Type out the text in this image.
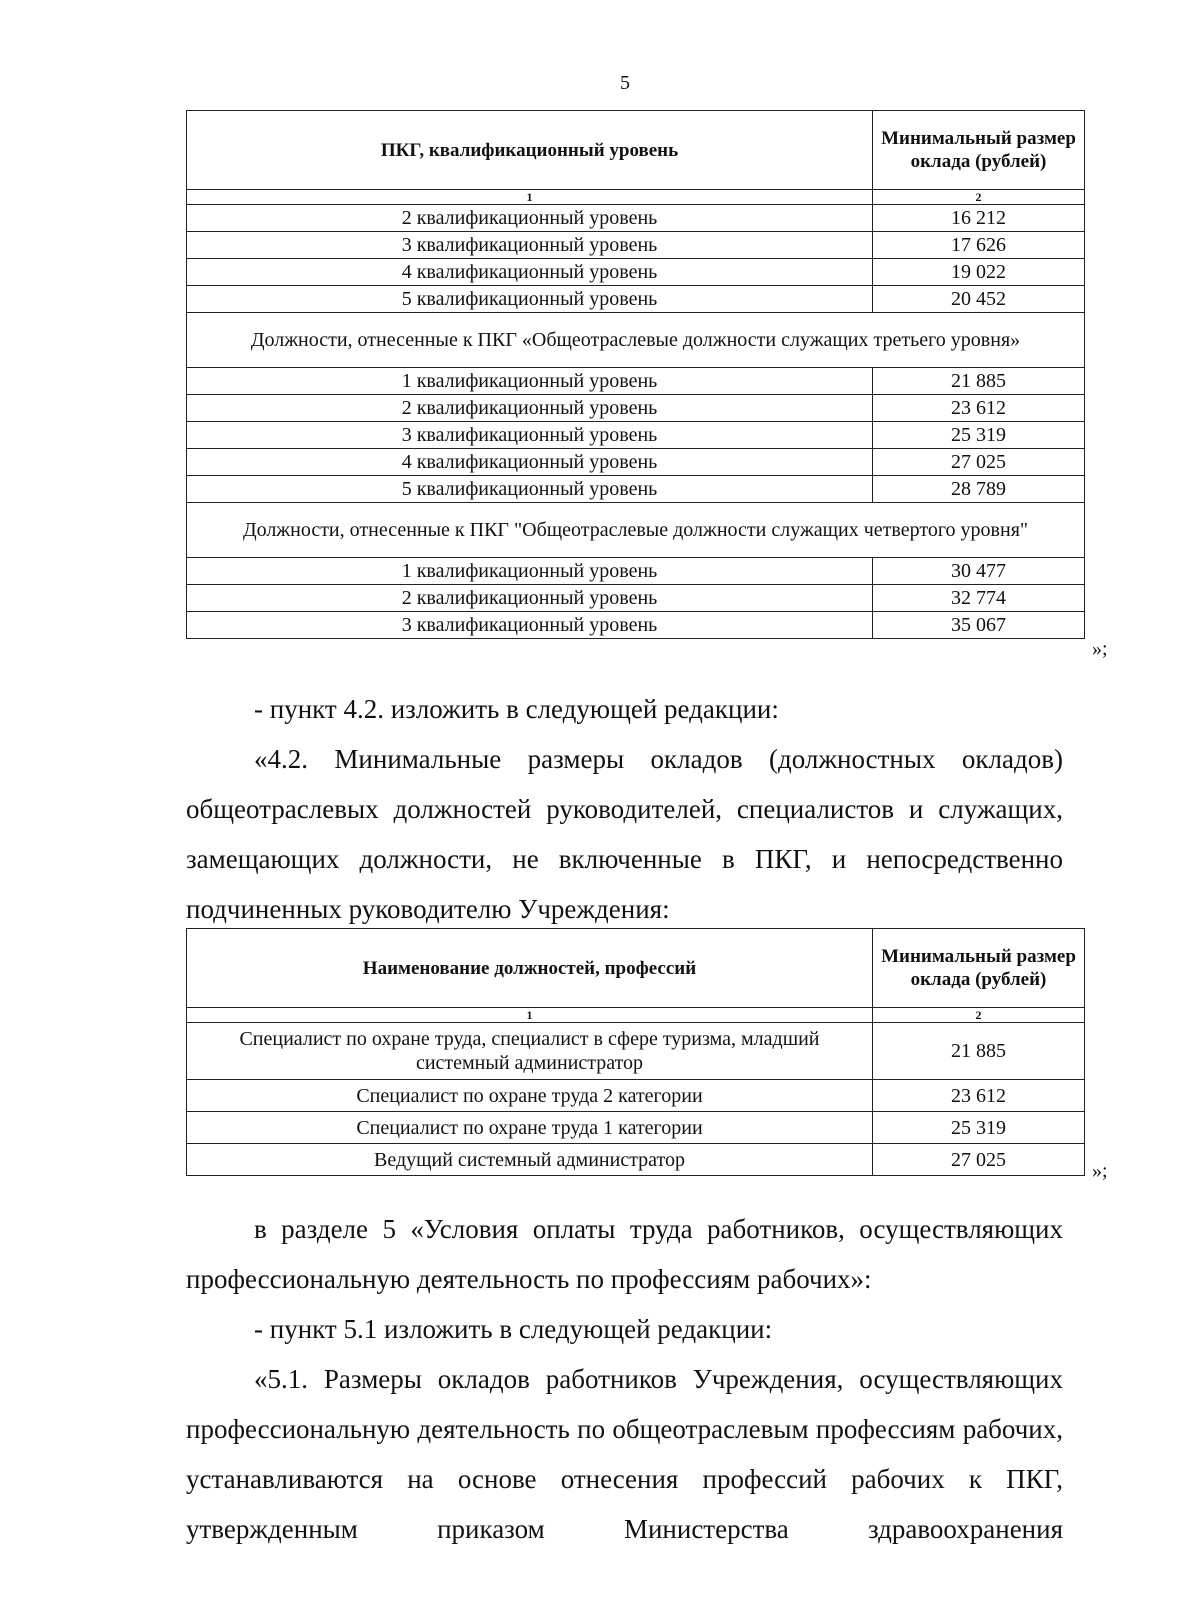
5
ПКГ, квалификационный уровень	Минимальный размер оклада (рублей)
1	2
2 квалификационный уровень	16 212
3 квалификационный уровень	17 626
4 квалификационный уровень	19 022
5 квалификационный уровень	20 452
Должности, отнесенные к ПКГ «Общеотраслевые должности служащих третьего уровня»	
1 квалификационный уровень	21 885
2 квалификационный уровень	23 612
3 квалификационный уровень	25 319
4 квалификационный уровень	27 025
5 квалификационный уровень	28 789
Должности, отнесенные к ПКГ "Общеотраслевые должности служащих четвертого уровня"	
1 квалификационный уровень	30 477
2 квалификационный уровень	32 774
3 квалификационный уровень	35 067
»;
- пункт 4.2. изложить в следующей редакции:
«4.2. Минимальные размеры окладов (должностных окладов) общеотраслевых должностей руководителей, специалистов и служащих, замещающих должности, не включенные в ПКГ, и непосредственно подчиненных руководителю Учреждения:
Наименование должностей, профессий	Минимальный размер оклада (рублей)
1	2
Специалист по охране труда, специалист в сфере туризма, младший системный администратор	21 885
Специалист по охране труда 2 категории	23 612
Специалист по охране труда 1 категории	25 319
Ведущий системный администратор	27 025
»;
в разделе 5 «Условия оплаты труда работников, осуществляющих профессиональную деятельность по профессиям рабочих»:
- пункт 5.1 изложить в следующей редакции:
«5.1. Размеры окладов работников Учреждения, осуществляющих профессиональную деятельность по общеотраслевым профессиям рабочих, устанавливаются на основе отнесения профессий рабочих к ПКГ, утвержденным приказом Министерства здравоохранения
